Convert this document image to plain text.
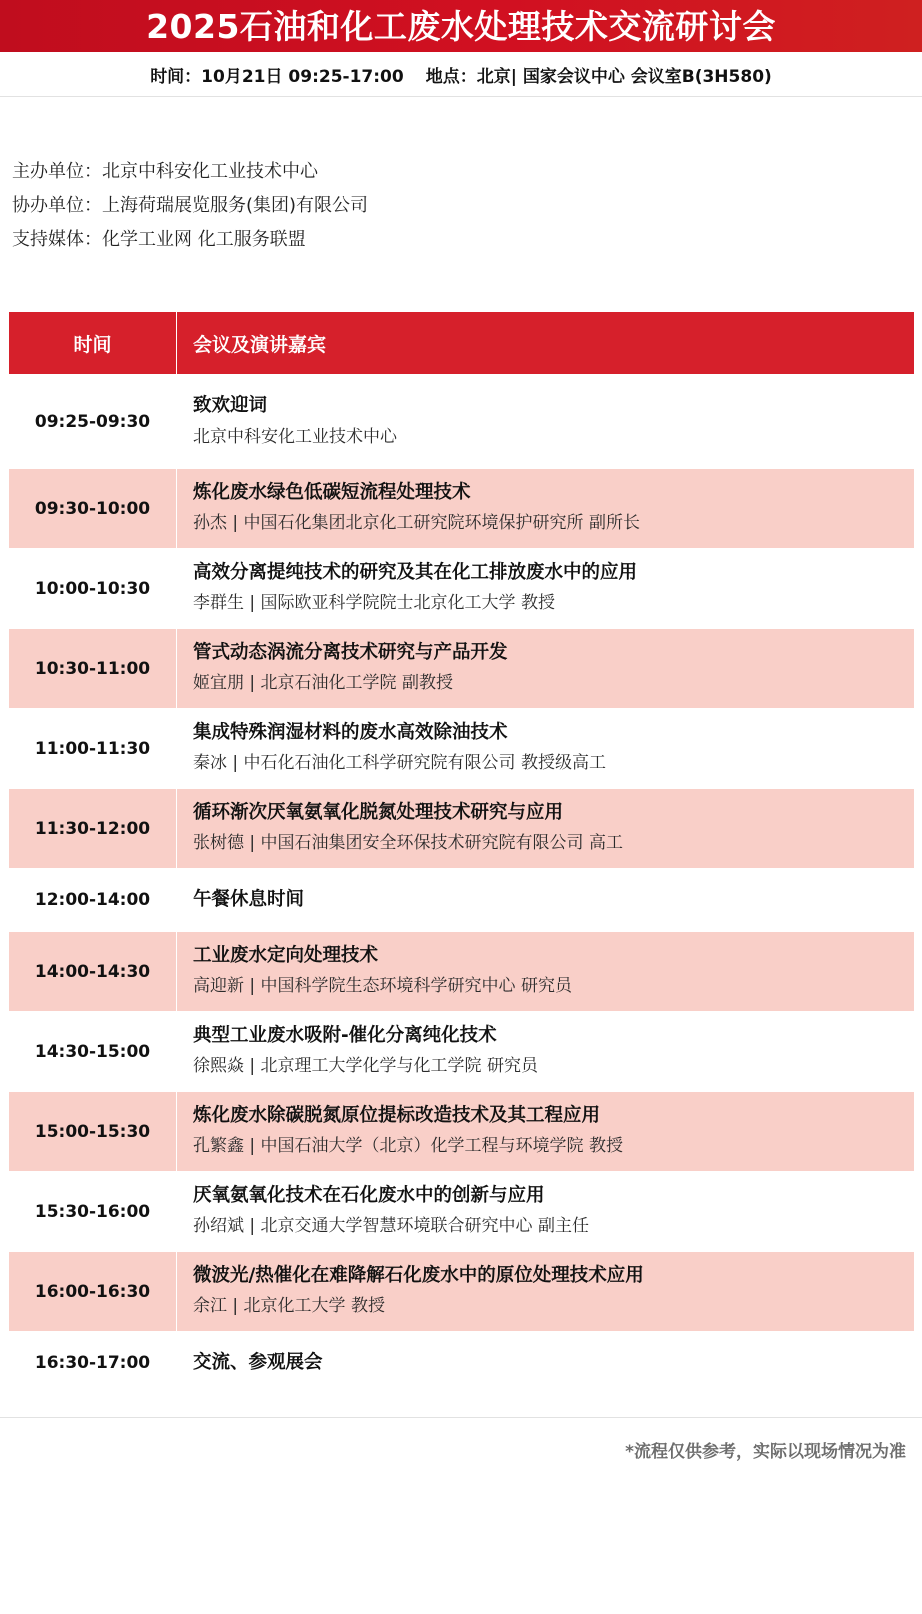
2025石油和化工废水处理技术交流研讨会
时间：10月21日 09:25-17:00 地点：北京| 国家会议中心 会议室B(3H580)
主办单位：北京中科安化工业技术中心
协办单位：上海荷瑞展览服务(集团)有限公司
支持媒体：化学工业网 化工服务联盟
时间	会议及演讲嘉宾
09:25-09:30	致欢迎词
北京中科安化工业技术中心

09:30-10:00	炼化废水绿色低碳短流程处理技术
孙杰 | 中国石化集团北京化工研究院环境保护研究所 副所长

10:00-10:30	高效分离提纯技术的研究及其在化工排放废水中的应用
李群生 | 国际欧亚科学院院士北京化工大学 教授

10:30-11:00	管式动态涡流分离技术研究与产品开发
姬宜朋 | 北京石油化工学院 副教授

11:00-11:30	集成特殊润湿材料的废水高效除油技术
秦冰 | 中石化石油化工科学研究院有限公司 教授级高工

11:30-12:00	循环渐次厌氧氨氧化脱氮处理技术研究与应用
张树德 | 中国石油集团安全环保技术研究院有限公司 高工

12:00-14:00	午餐休息时间

14:00-14:30	工业废水定向处理技术
高迎新 | 中国科学院生态环境科学研究中心 研究员

14:30-15:00	典型工业废水吸附-催化分离纯化技术
徐熙焱 | 北京理工大学化学与化工学院 研究员

15:00-15:30	炼化废水除碳脱氮原位提标改造技术及其工程应用
孔繁鑫 | 中国石油大学（北京）化学工程与环境学院 教授

15:30-16:00	厌氧氨氧化技术在石化废水中的创新与应用
孙绍斌 | 北京交通大学智慧环境联合研究中心 副主任

16:00-16:30	微波光/热催化在难降解石化废水中的原位处理技术应用
余江 | 北京化工大学 教授

16:30-17:00	交流、参观展会
*流程仅供参考，实际以现场情况为准
